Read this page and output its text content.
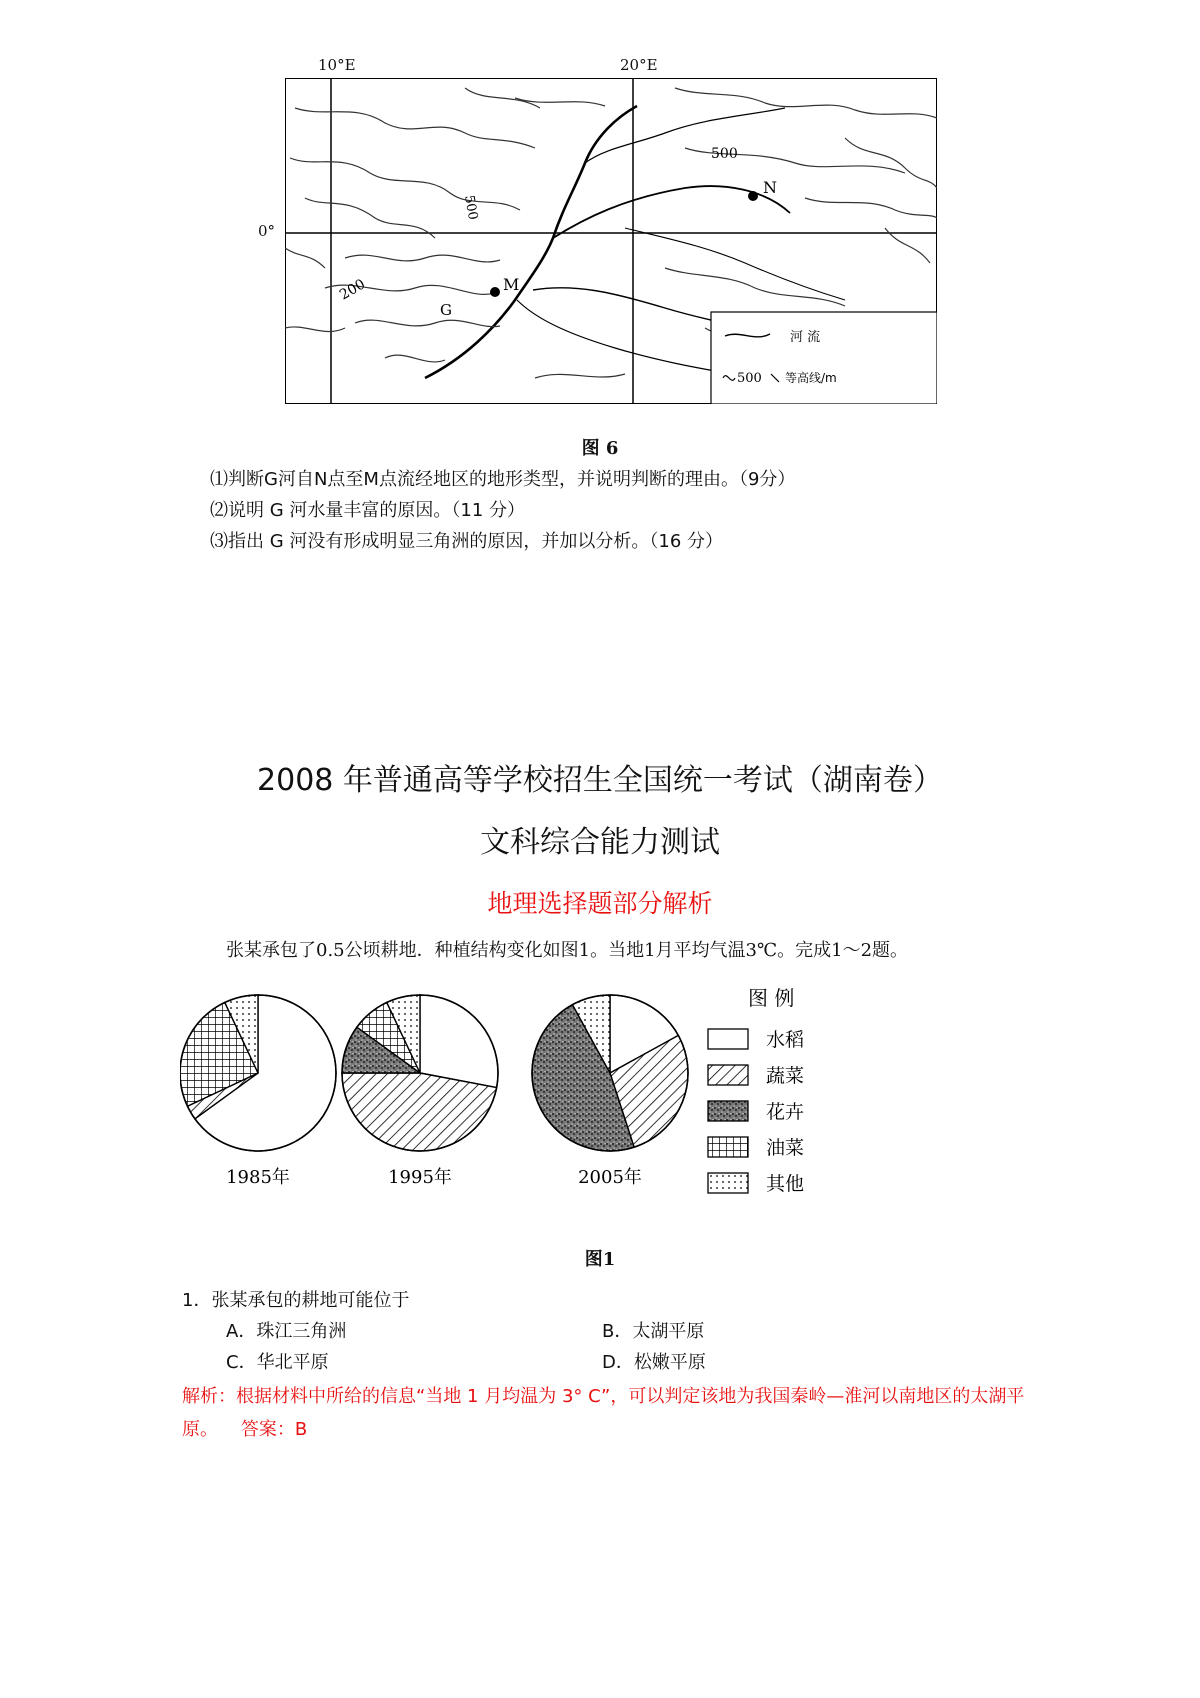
N
M
G
500
500
200
河 流
500 等高线/m
10°E	20°E
0°
图 6
⑴判断G河自N点至M点流经地区的地形类型，并说明判断的理由。（9分）
⑵说明 G 河水量丰富的原因。（11 分）
⑶指出 G 河没有形成明显三角洲的原因，并加以分析。（16 分）
2008 年普通高等学校招生全国统一考试（湖南卷）
文科综合能力测试
地理选择题部分解析
张某承包了0.5公顷耕地．种植结构变化如图1。当地1月平均气温3℃。完成1～2题。
1985年	1995年	2005年
图 例
水稻
蔬菜
花卉
油菜
其他
图1
1．张某承包的耕地可能位于
A．珠江三角洲	B．太湖平原
C．华北平原	D．松嫩平原
解析：根据材料中所给的信息“当地 1 月均温为 3° C”，可以判定该地为我国秦岭—淮河以南地区的太湖平原。 答案：B
